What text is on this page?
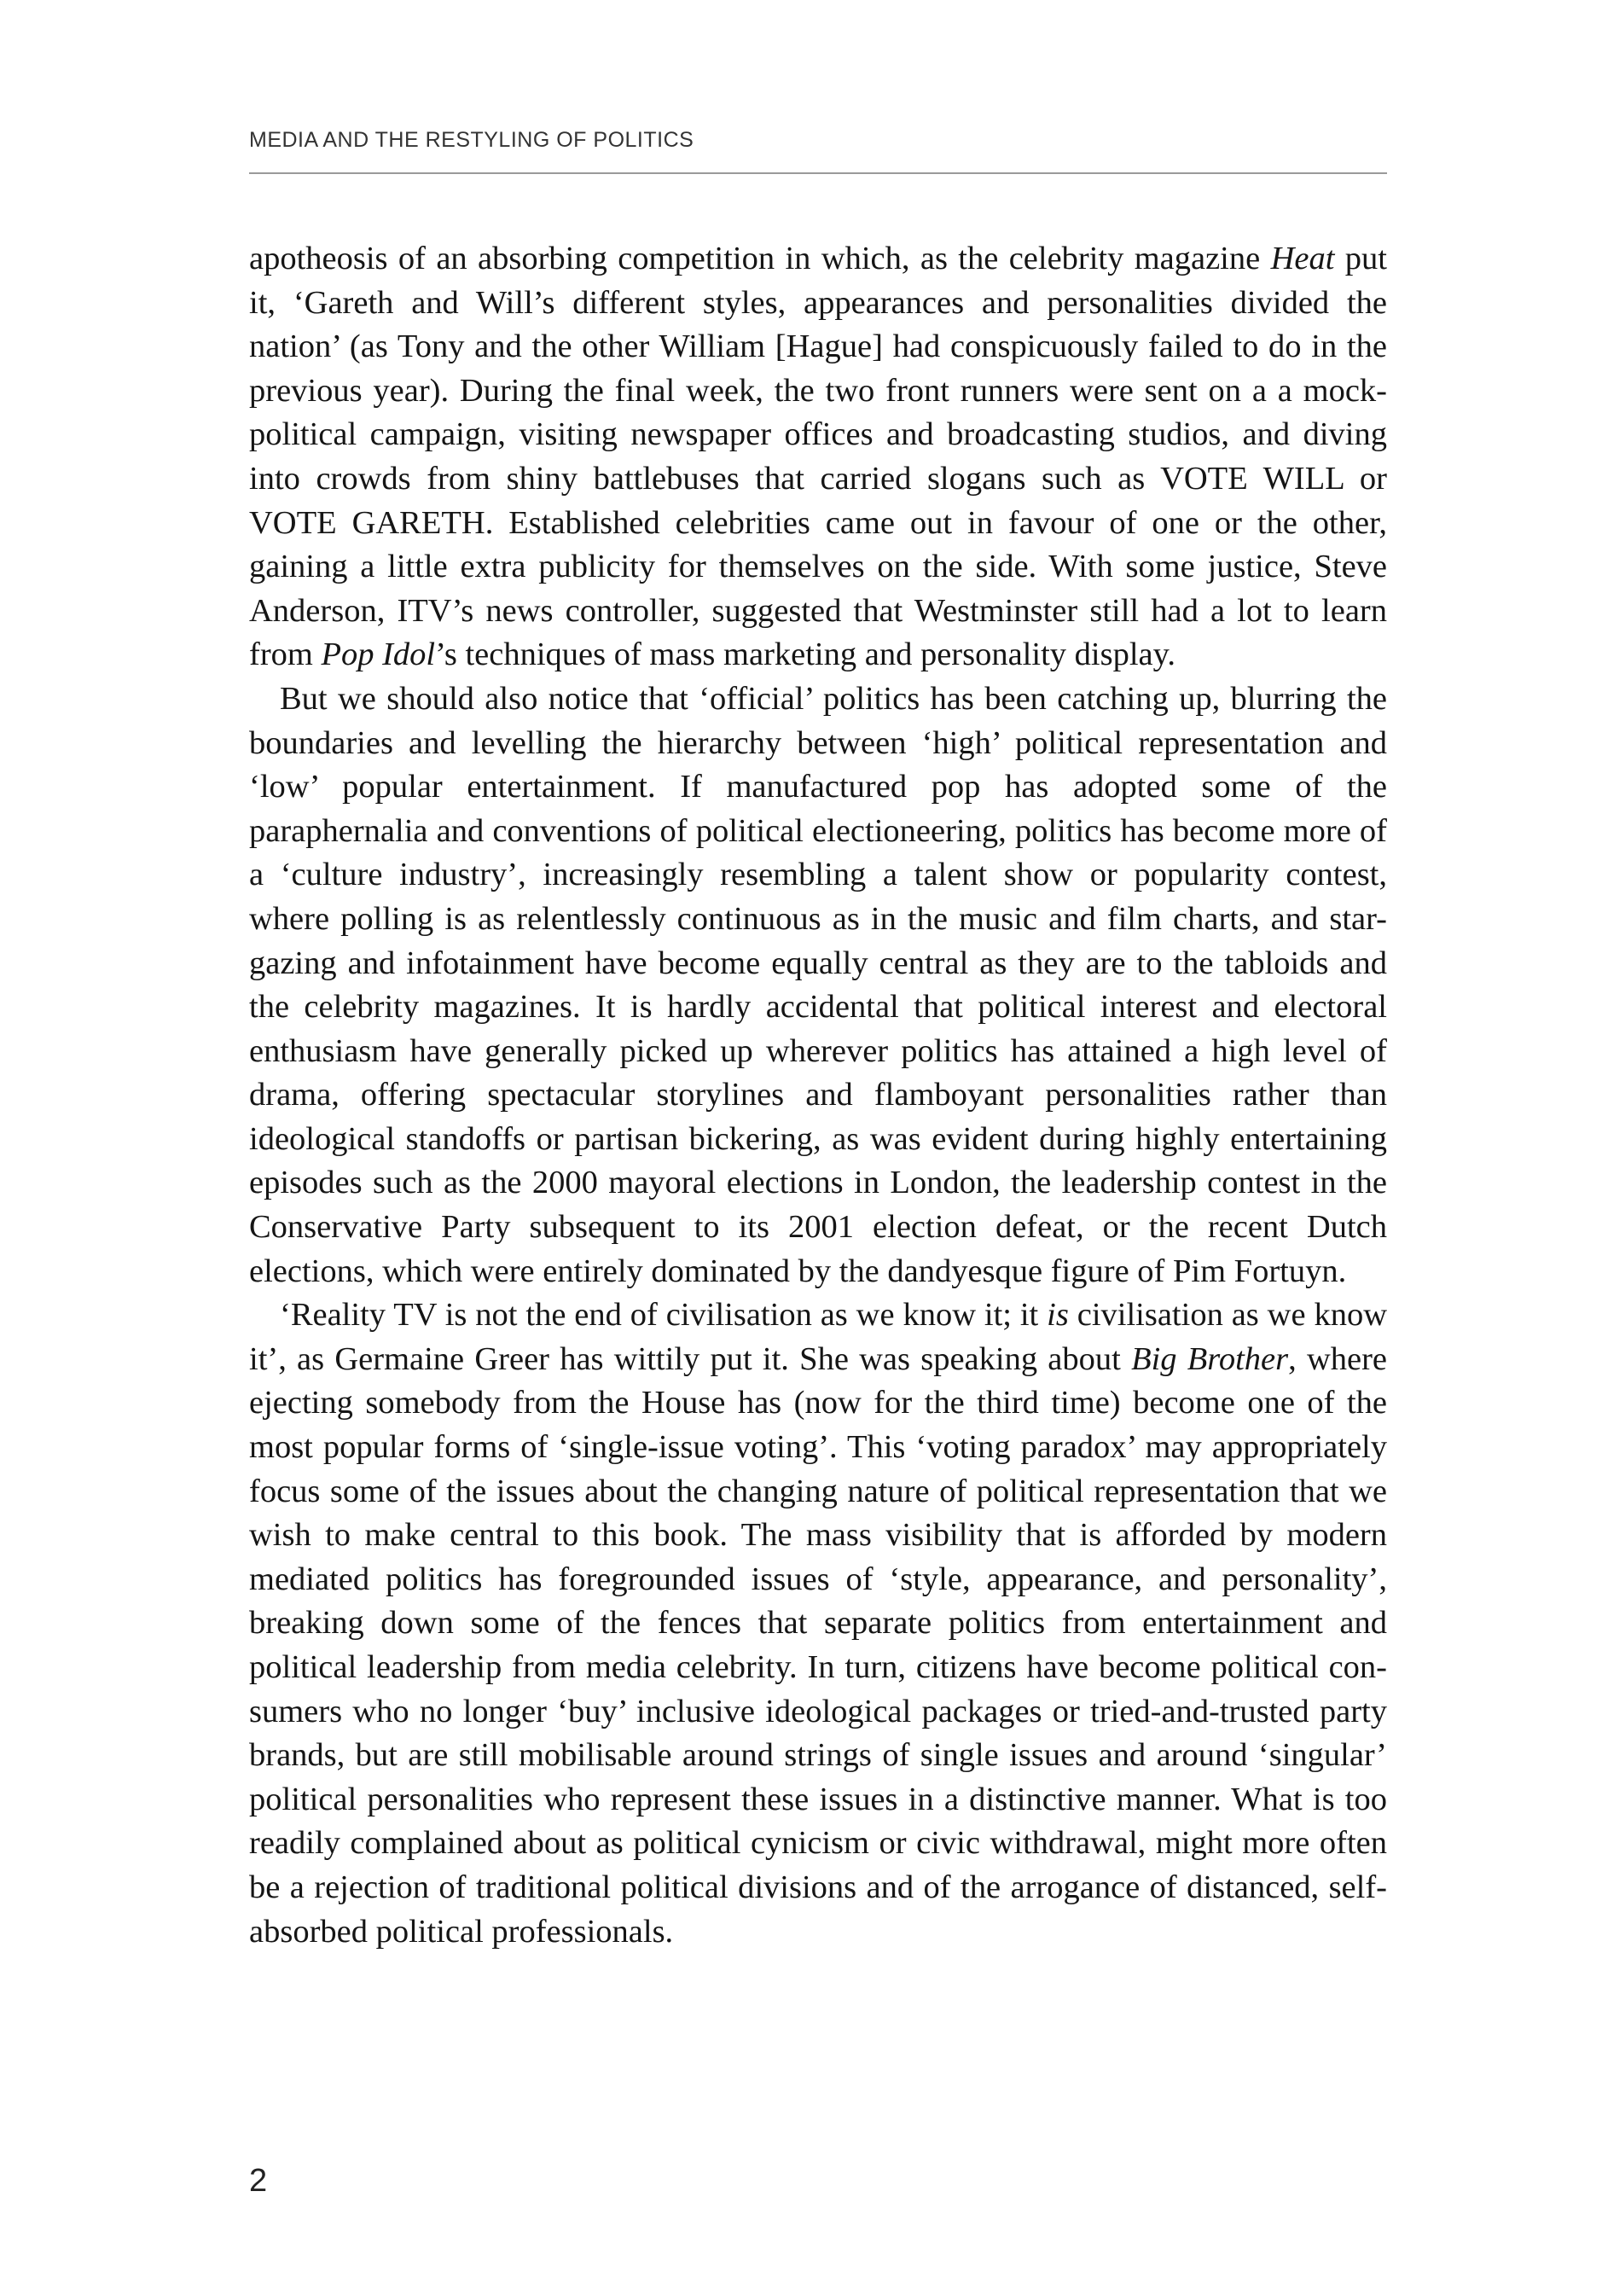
MEDIA AND THE RESTYLING OF POLITICS

apotheosis of an absorbing competition in which, as the celebrity magazine Heat put it, ‘Gareth and Will’s different styles, appearances and personalities divided the nation’ (as Tony and the other William [Hague] had conspicuously failed to do in the previous year). During the final week, the two front runners were sent on a a mock-political campaign, visiting newspaper offices and broadcasting studios, and diving into crowds from shiny battlebuses that carried slogans such as VOTE WILL or VOTE GARETH. Established celebrities came out in favour of one or the other, gaining a little extra publicity for themselves on the side. With some justice, Steve Anderson, ITV’s news controller, suggested that Westminster still had a lot to learn from Pop Idol’s techniques of mass marketing and personality display.

But we should also notice that ‘official’ politics has been catching up, blurring the boundaries and levelling the hierarchy between ‘high’ political representation and ‘low’ popular entertainment. If manufactured pop has adopted some of the paraphernalia and conventions of political electioneering, politics has become more of a ‘culture industry’, increasingly resembling a talent show or popularity contest, where polling is as relentlessly continuous as in the music and film charts, and star-gazing and infotainment have become equally central as they are to the tabloids and the celebrity magazines. It is hardly accidental that political interest and electoral enthusiasm have generally picked up wherever politics has attained a high level of drama, offering spectacular storylines and flamboyant personalities rather than ideological standoffs or partisan bickering, as was evident during highly entertaining episodes such as the 2000 mayoral elections in London, the leadership contest in the Conservative Party subsequent to its 2001 election defeat, or the recent Dutch elections, which were entirely dominated by the dandyesque figure of Pim Fortuyn.

‘Reality TV is not the end of civilisation as we know it; it is civilisation as we know it’, as Germaine Greer has wittily put it. She was speaking about Big Brother, where ejecting somebody from the House has (now for the third time) become one of the most popular forms of ‘single-issue voting’. This ‘voting paradox’ may appropriately focus some of the issues about the changing nature of political representation that we wish to make central to this book. The mass visibility that is afforded by modern mediated politics has foregrounded issues of ‘style, appearance, and personality’, breaking down some of the fences that separate politics from entertainment and political leadership from media celebrity. In turn, citizens have become political consumers who no longer ‘buy’ inclusive ideological packages or tried-and-trusted party brands, but are still mobilisable around strings of single issues and around ‘singular’ political personalities who represent these issues in a distinctive manner. What is too readily complained about as political cynicism or civic withdrawal, might more often be a rejection of traditional political divisions and of the arrogance of distanced, self-absorbed political professionals.

2
